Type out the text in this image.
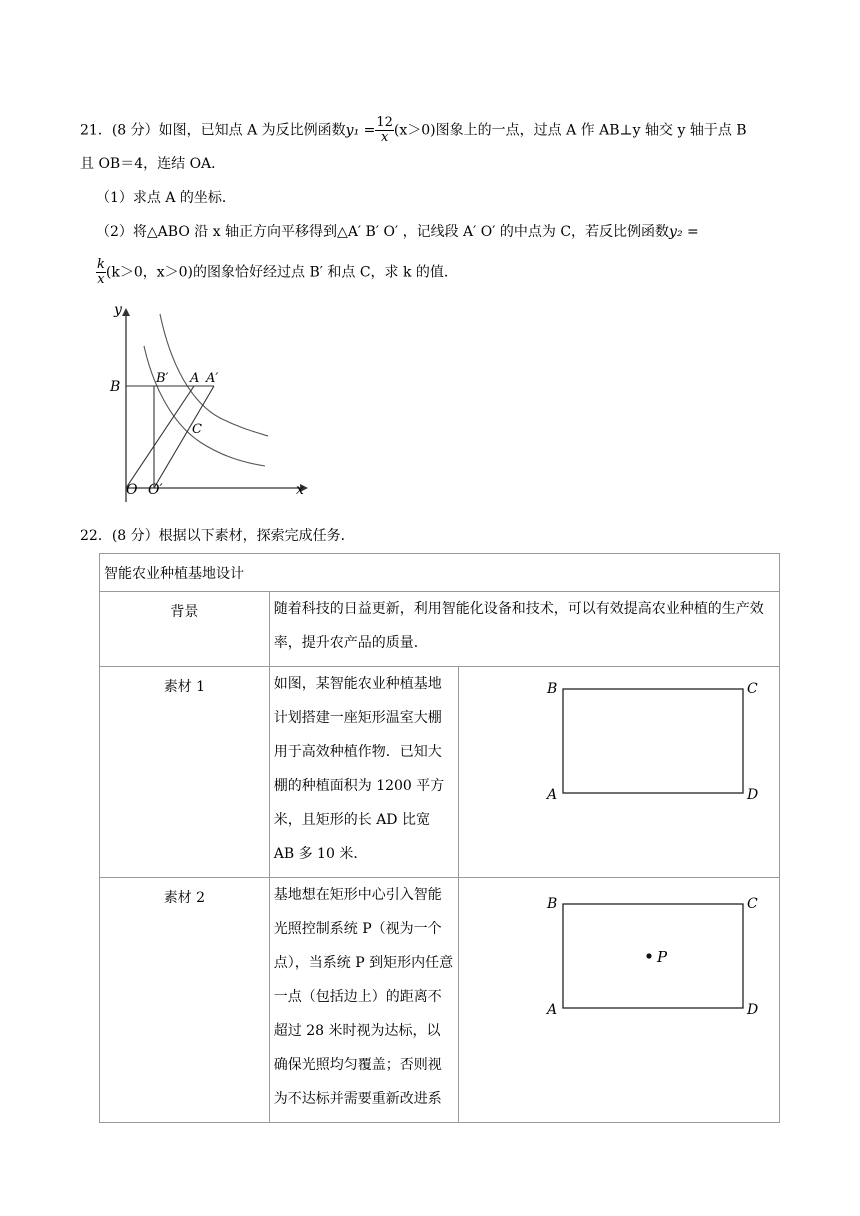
21．(8 分）如图，已知点 A 为反比例函数$y_1 = \frac{12}{x} (x>0)$图象上的一点，过点 A 作 AB⊥y 轴交 y 轴于点 B
且 OB＝4，连结 OA．
（1）求点 A 的坐标．
（2）将△ABO 沿 x 轴正方向平移得到△A′ B′ O′ ，记线段 A′ O′ 的中点为 C，若反比例函数y₂ =
$\frac{k}{x} (k>0$，x＞0)的图象恰好经过点 B′ 和点 C，求 k 的值．
y
x
B
B′ A A′
C
O O′
22．(8 分）根据以下素材，探索完成任务．
智能农业种植基地设计		
背景	随着科技的日益更新，利用智能化设备和技术，可以有效提高农业种植的生产效率，提升农产品的质量．	
素材 1	如图，某智能农业种植基地计划搭建一座矩形温室大棚用于高效种植作物．已知大棚的种植面积为 1200 平方米，且矩形的长 AD 比宽 AB 多 10 米．	B C
A D

素材 2	基地想在矩形中心引入智能光照控制系统 P（视为一个点），当系统 P 到矩形内任意一点（包括边上）的距离不超过 28 米时视为达标，以确保光照均匀覆盖；否则视为不达标并需要重新改进系	P
B C
A D
